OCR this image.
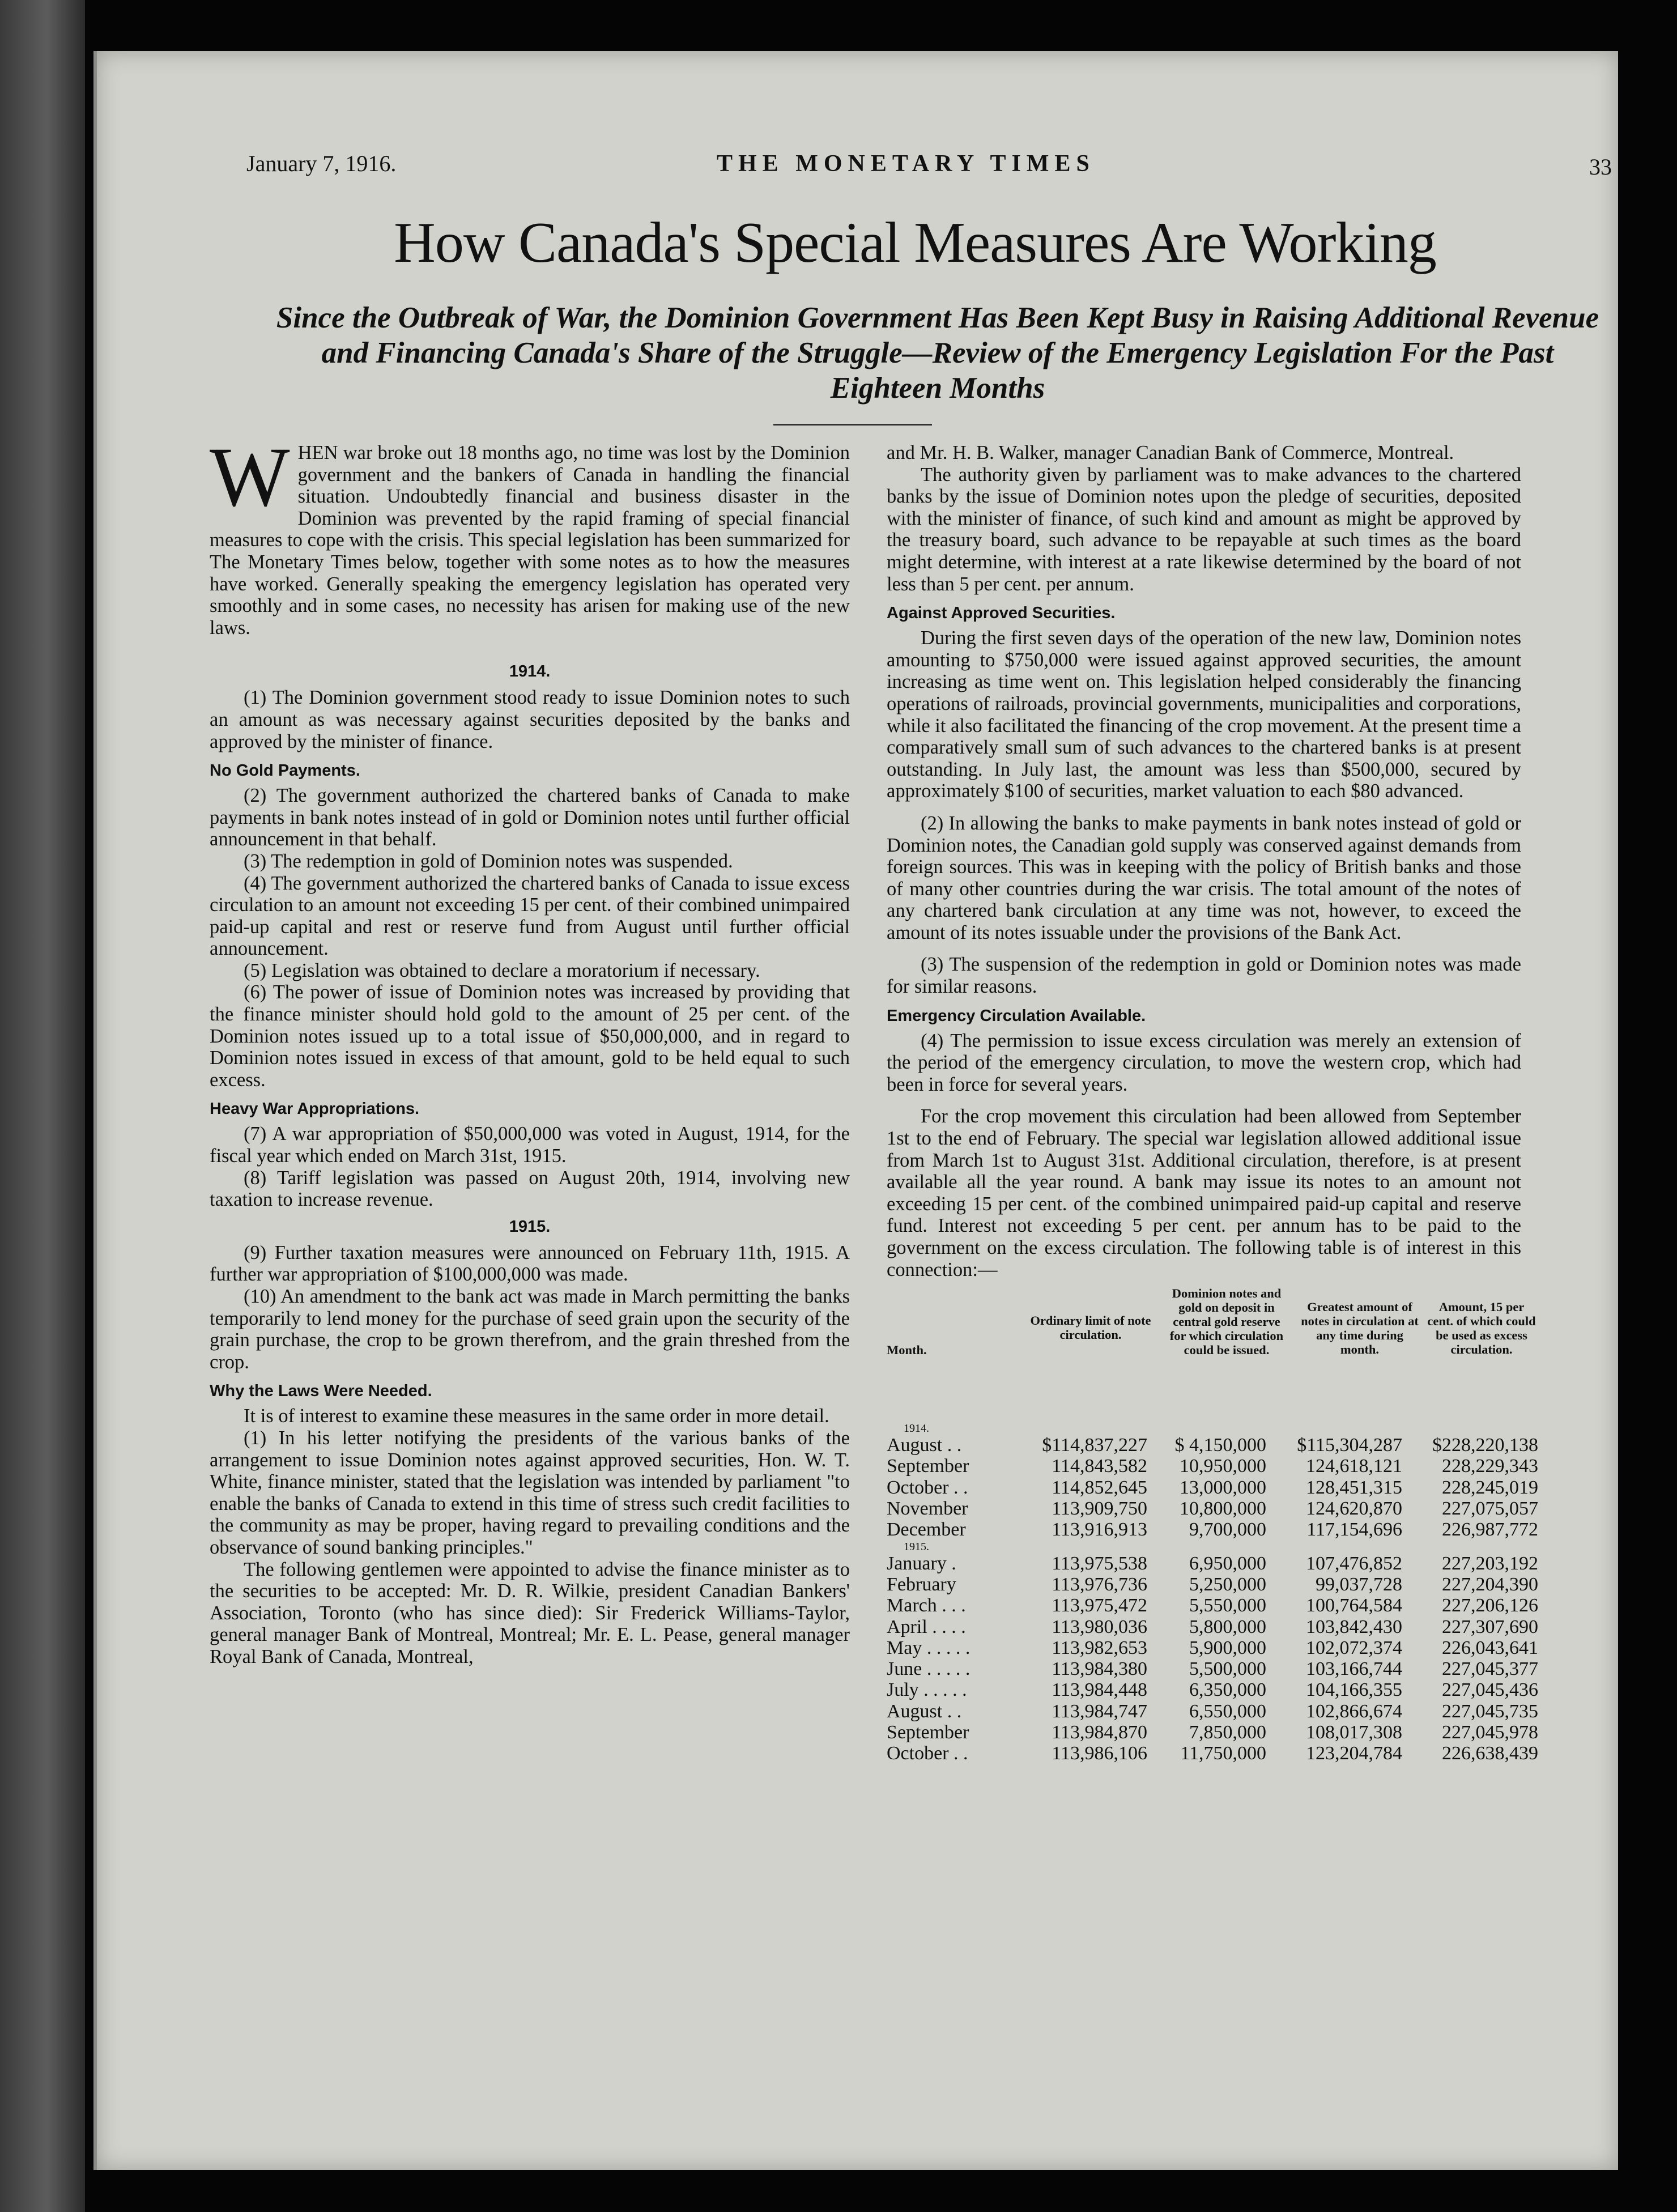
January 7, 1916.	THE MONETARY TIMES	33
How Canada's Special Measures Are Working
Since the Outbreak of War, the Dominion Government Has Been Kept Busy in Raising Additional Revenue and Financing Canada's Share of the Struggle—Review of the Emergency Legislation For the Past Eighteen Months
W HEN war broke out 18 months ago, no time was lost by the Dominion government and the bankers of Canada in handling the financial situation. Undoubtedly financial and business disaster in the Dominion was prevented by the rapid framing of special financial measures to cope with the crisis. This special legislation has been summarized for The Monetary Times below, together with some notes as to how the measures have worked. Generally speaking the emergency legislation has operated very smoothly and in some cases, no necessity has arisen for making use of the new laws.

1914.

(1) The Dominion government stood ready to issue Dominion notes to such an amount as was necessary against securities deposited by the banks and approved by the minister of finance.

No Gold Payments.

(2) The government authorized the chartered banks of Canada to make payments in bank notes instead of in gold or Dominion notes until further official announcement in that behalf.

(3) The redemption in gold of Dominion notes was suspended.

(4) The government authorized the chartered banks of Canada to issue excess circulation to an amount not exceeding 15 per cent. of their combined unimpaired paid-up capital and rest or reserve fund from August until further official announcement.

(5) Legislation was obtained to declare a moratorium if necessary.

(6) The power of issue of Dominion notes was increased by providing that the finance minister should hold gold to the amount of 25 per cent. of the Dominion notes issued up to a total issue of $50,000,000, and in regard to Dominion notes issued in excess of that amount, gold to be held equal to such excess.

Heavy War Appropriations.

(7) A war appropriation of $50,000,000 was voted in August, 1914, for the fiscal year which ended on March 31st, 1915.

(8) Tariff legislation was passed on August 20th, 1914, involving new taxation to increase revenue.

1915.

(9) Further taxation measures were announced on February 11th, 1915. A further war appropriation of $100,000,000 was made.

(10) An amendment to the bank act was made in March permitting the banks temporarily to lend money for the purchase of seed grain upon the security of the grain purchase, the crop to be grown therefrom, and the grain threshed from the crop.

Why the Laws Were Needed.

It is of interest to examine these measures in the same order in more detail.

(1) In his letter notifying the presidents of the various banks of the arrangement to issue Dominion notes against approved securities, Hon. W. T. White, finance minister, stated that the legislation was intended by parliament "to enable the banks of Canada to extend in this time of stress such credit facilities to the community as may be proper, having regard to prevailing conditions and the observance of sound banking principles."

The following gentlemen were appointed to advise the finance minister as to the securities to be accepted: Mr. D. R. Wilkie, president Canadian Bankers' Association, Toronto (who has since died): Sir Frederick Williams-Taylor, general manager Bank of Montreal, Montreal; Mr. E. L. Pease, general manager Royal Bank of Canada, Montreal,

and Mr. H. B. Walker, manager Canadian Bank of Commerce, Montreal.

The authority given by parliament was to make advances to the chartered banks by the issue of Dominion notes upon the pledge of securities, deposited with the minister of finance, of such kind and amount as might be approved by the treasury board, such advance to be repayable at such times as the board might determine, with interest at a rate likewise determined by the board of not less than 5 per cent. per annum.

Against Approved Securities.

During the first seven days of the operation of the new law, Dominion notes amounting to $750,000 were issued against approved securities, the amount increasing as time went on. This legislation helped considerably the financing operations of railroads, provincial governments, municipalities and corporations, while it also facilitated the financing of the crop movement. At the present time a comparatively small sum of such advances to the chartered banks is at present outstanding. In July last, the amount was less than $500,000, secured by approximately $100 of securities, market valuation to each $80 advanced.

(2) In allowing the banks to make payments in bank notes instead of gold or Dominion notes, the Canadian gold supply was conserved against demands from foreign sources. This was in keeping with the policy of British banks and those of many other countries during the war crisis. The total amount of the notes of any chartered bank circulation at any time was not, however, to exceed the amount of its notes issuable under the provisions of the Bank Act.

(3) The suspension of the redemption in gold or Dominion notes was made for similar reasons.

Emergency Circulation Available.

(4) The permission to issue excess circulation was merely an extension of the period of the emergency circulation, to move the western crop, which had been in force for several years.

For the crop movement this circulation had been allowed from September 1st to the end of February. The special war legislation allowed additional issue from March 1st to August 31st. Additional circulation, therefore, is at present available all the year round. A bank may issue its notes to an amount not exceeding 15 per cent. of the combined unimpaired paid-up capital and reserve fund. Interest not exceeding 5 per cent. per annum has to be paid to the government on the excess circulation. The following table is of interest in this connection:—

Month.
Ordinary limit of note circulation.
Dominion notes and gold on deposit in central gold reserve for which circulation could be issued.
Greatest amount of notes in circulation at any time during month.
Amount, 15 per cent. of which could be used as excess circulation.
1914.
August . .	$114,837,227	$ 4,150,000	$115,304,287	$228,220,138
September	114,843,582	10,950,000	124,618,121	228,229,343
October . .	114,852,645	13,000,000	128,451,315	228,245,019
November	113,909,750	10,800,000	124,620,870	227,075,057
December	113,916,913	9,700,000	117,154,696	226,987,772
1915.
January .	113,975,538	6,950,000	107,476,852	227,203,192
February	113,976,736	5,250,000	99,037,728	227,204,390
March . . .	113,975,472	5,550,000	100,764,584	227,206,126
April . . . .	113,980,036	5,800,000	103,842,430	227,307,690
May . . . . .	113,982,653	5,900,000	102,072,374	226,043,641
June . . . . .	113,984,380	5,500,000	103,166,744	227,045,377
July . . . . .	113,984,448	6,350,000	104,166,355	227,045,436
August . .	113,984,747	6,550,000	102,866,674	227,045,735
September	113,984,870	7,850,000	108,017,308	227,045,978
October . .	113,986,106	11,750,000	123,204,784	226,638,439
